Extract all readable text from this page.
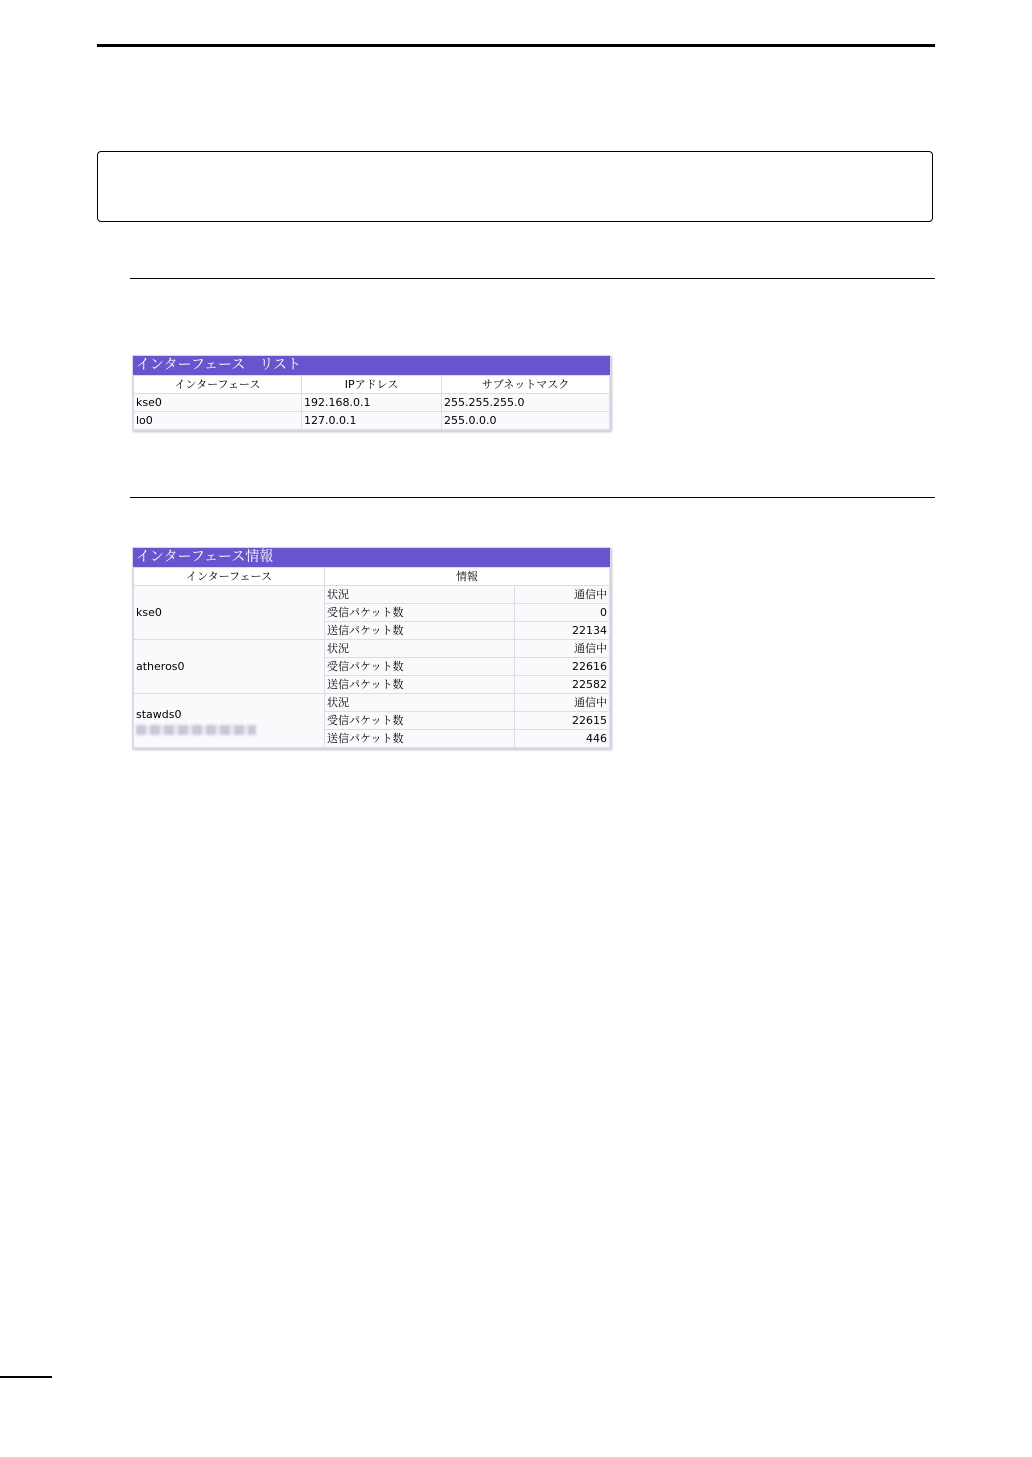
インターフェース　リスト
インターフェース	IPアドレス	サブネットマスク
kse0	192.168.0.1	255.255.255.0
lo0	127.0.0.1	255.0.0.0
インターフェース情報
インターフェース	情報	
kse0	状況	通信中
	受信パケット数	0
	送信パケット数	22134
atheros0	状況	通信中
	受信パケット数	22616
	送信パケット数	22582
stawds0	状況	通信中
	受信パケット数	22615
	送信パケット数	446
